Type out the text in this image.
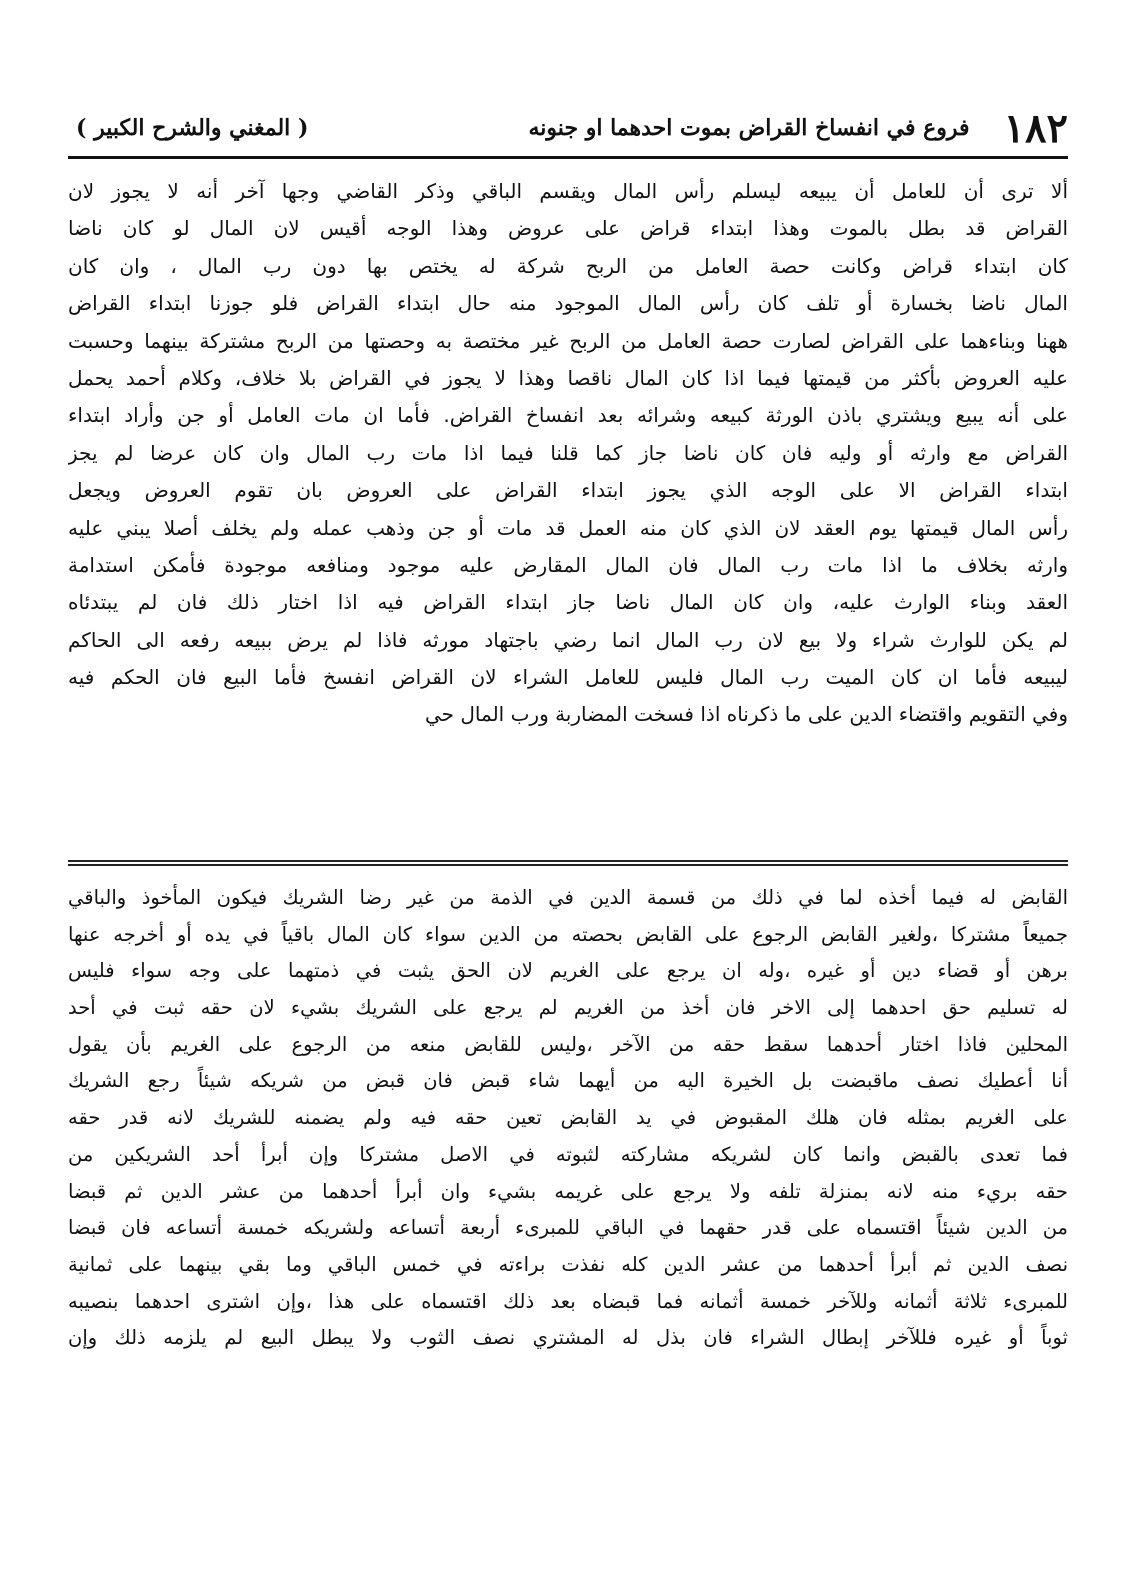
١٨٢
فروع في انفساخ القراض بموت احدهما او جنونه
( المغني والشرح الكبير )
ألا ترى أن للعامل أن يبيعه ليسلم رأس المال ويقسم الباقي وذكر القاضي وجها آخر أنه لا يجوز لان
القراض قد بطل بالموت وهذا ابتداء قراض على عروض وهذا الوجه أقيس لان المال لو كان ناضا
كان ابتداء قراض وكانت حصة العامل من الربح شركة له يختص بها دون رب المال ، وان كان
المال ناضا بخسارة أو تلف كان رأس المال الموجود منه حال ابتداء القراض فلو جوزنا ابتداء القراض
ههنا وبناءهما على القراض لصارت حصة العامل من الربح غير مختصة به وحصتها من الربح مشتركة بينهما وحسبت
عليه العروض بأكثر من قيمتها فيما اذا كان المال ناقصا وهذا لا يجوز في القراض بلا خلاف، وكلام أحمد يحمل
على أنه يبيع ويشتري باذن الورثة كبيعه وشرائه بعد انفساخ القراض. فأما ان مات العامل أو جن وأراد ابتداء
القراض مع وارثه أو وليه فان كان ناضا جاز كما قلنا فيما اذا مات رب المال وان كان عرضا لم يجز
ابتداء القراض الا على الوجه الذي يجوز ابتداء القراض على العروض بان تقوم العروض ويجعل
رأس المال قيمتها يوم العقد لان الذي كان منه العمل قد مات أو جن وذهب عمله ولم يخلف أصلا يبني عليه
وارثه بخلاف ما اذا مات رب المال فان المال المقارض عليه موجود ومنافعه موجودة فأمكن استدامة
العقد وبناء الوارث عليه، وان كان المال ناضا جاز ابتداء القراض فيه اذا اختار ذلك فان لم يبتدئاه
لم يكن للوارث شراء ولا بيع لان رب المال انما رضي باجتهاد مورثه فاذا لم يرض ببيعه رفعه الى الحاكم
ليبيعه فأما ان كان الميت رب المال فليس للعامل الشراء لان القراض انفسخ فأما البيع فان الحكم فيه
وفي التقويم واقتضاء الدين على ما ذكرناه اذا فسخت المضاربة ورب المال حي
القابض له فيما أخذه لما في ذلك من قسمة الدين في الذمة من غير رضا الشريك فيكون المأخوذ والباقي
جميعاً مشتركا ،ولغير القابض الرجوع على القابض بحصته من الدين سواء كان المال باقياً في يده أو أخرجه عنها
برهن أو قضاء دين أو غيره ،وله ان يرجع على الغريم لان الحق يثبت في ذمتهما على وجه سواء فليس
له تسليم حق احدهما إلى الاخر فان أخذ من الغريم لم يرجع على الشريك بشيء لان حقه ثبت في أحد
المحلين فاذا اختار أحدهما سقط حقه من الآخر ،وليس للقابض منعه من الرجوع على الغريم بأن يقول
أنا أعطيك نصف ماقبضت بل الخيرة اليه من أيهما شاء قبض فان قبض من شريكه شيئاً رجع الشريك
على الغريم بمثله فان هلك المقبوض في يد القابض تعين حقه فيه ولم يضمنه للشريك لانه قدر حقه
فما تعدى بالقبض وانما كان لشريكه مشاركته لثبوته في الاصل مشتركا وإن أبرأ أحد الشريكين من
حقه بريء منه لانه بمنزلة تلفه ولا يرجع على غريمه بشيء وان أبرأ أحدهما من عشر الدين ثم قبضا
من الدين شيئاً اقتسماه على قدر حقهما في الباقي للمبرىء أربعة أتساعه ولشريكه خمسة أتساعه فان قبضا
نصف الدين ثم أبرأ أحدهما من عشر الدين كله نفذت براءته في خمس الباقي وما بقي بينهما على ثمانية
للمبرىء ثلاثة أثمانه وللآخر خمسة أثمانه فما قبضاه بعد ذلك اقتسماه على هذا ،وإن اشترى احدهما بنصيبه
ثوباً أو غيره فللآخر إبطال الشراء فان بذل له المشتري نصف الثوب ولا يبطل البيع لم يلزمه ذلك وإن
